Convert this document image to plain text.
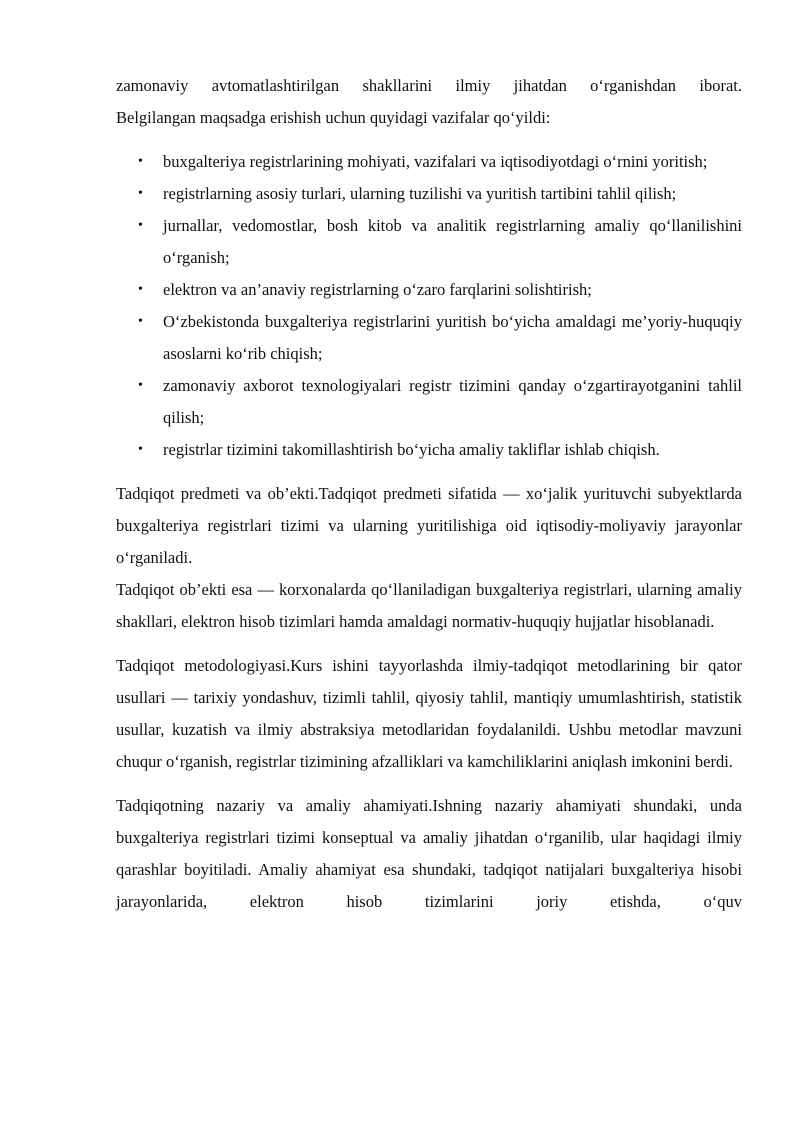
zamonaviy avtomatlashtirilgan shakllarini ilmiy jihatdan o‘rganishdan iborat.

Belgilangan maqsadga erishish uchun quyidagi vazifalar qo‘yildi:

• buxgalteriya registrlarining mohiyati, vazifalari va iqtisodiyotdagi o‘rnini yoritish;
• registrlarning asosiy turlari, ularning tuzilishi va yuritish tartibini tahlil qilish;
• jurnallar, vedomostlar, bosh kitob va analitik registrlarning amaliy qo‘llanilishini o‘rganish;
• elektron va an’anaviy registrlarning o‘zaro farqlarini solishtirish;
• O‘zbekistonda buxgalteriya registrlarini yuritish bo‘yicha amaldagi me’yoriy-huquqiy asoslarni ko‘rib chiqish;
• zamonaviy axborot texnologiyalari registr tizimini qanday o‘zgartirayotganini tahlil qilish;
• registrlar tizimini takomillashtirish bo‘yicha amaliy takliflar ishlab chiqish.

Tadqiqot predmeti va ob’ekti.Tadqiqot predmeti sifatida — xo‘jalik yurituvchi subyektlarda buxgalteriya registrlari tizimi va ularning yuritilishiga oid iqtisodiy-moliyaviy jarayonlar o‘rganiladi.

Tadqiqot ob’ekti esa — korxonalarda qo‘llaniladigan buxgalteriya registrlari, ularning amaliy shakllari, elektron hisob tizimlari hamda amaldagi normativ-huquqiy hujjatlar hisoblanadi.

Tadqiqot metodologiyasi.Kurs ishini tayyorlashda ilmiy-tadqiqot metodlarining bir qator usullari — tarixiy yondashuv, tizimli tahlil, qiyosiy tahlil, mantiqiy umumlashtirish, statistik usullar, kuzatish va ilmiy abstraksiya metodlaridan foydalanildi. Ushbu metodlar mavzuni chuqur o‘rganish, registrlar tizimining afzalliklari va kamchiliklarini aniqlash imkonini berdi.

Tadqiqotning nazariy va amaliy ahamiyati.Ishning nazariy ahamiyati shundaki, unda buxgalteriya registrlari tizimi konseptual va amaliy jihatdan o‘rganilib, ular haqidagi ilmiy qarashlar boyitiladi. Amaliy ahamiyat esa shundaki, tadqiqot natijalari buxgalteriya hisobi jarayonlarida, elektron hisob tizimlarini joriy etishda, o‘quv
